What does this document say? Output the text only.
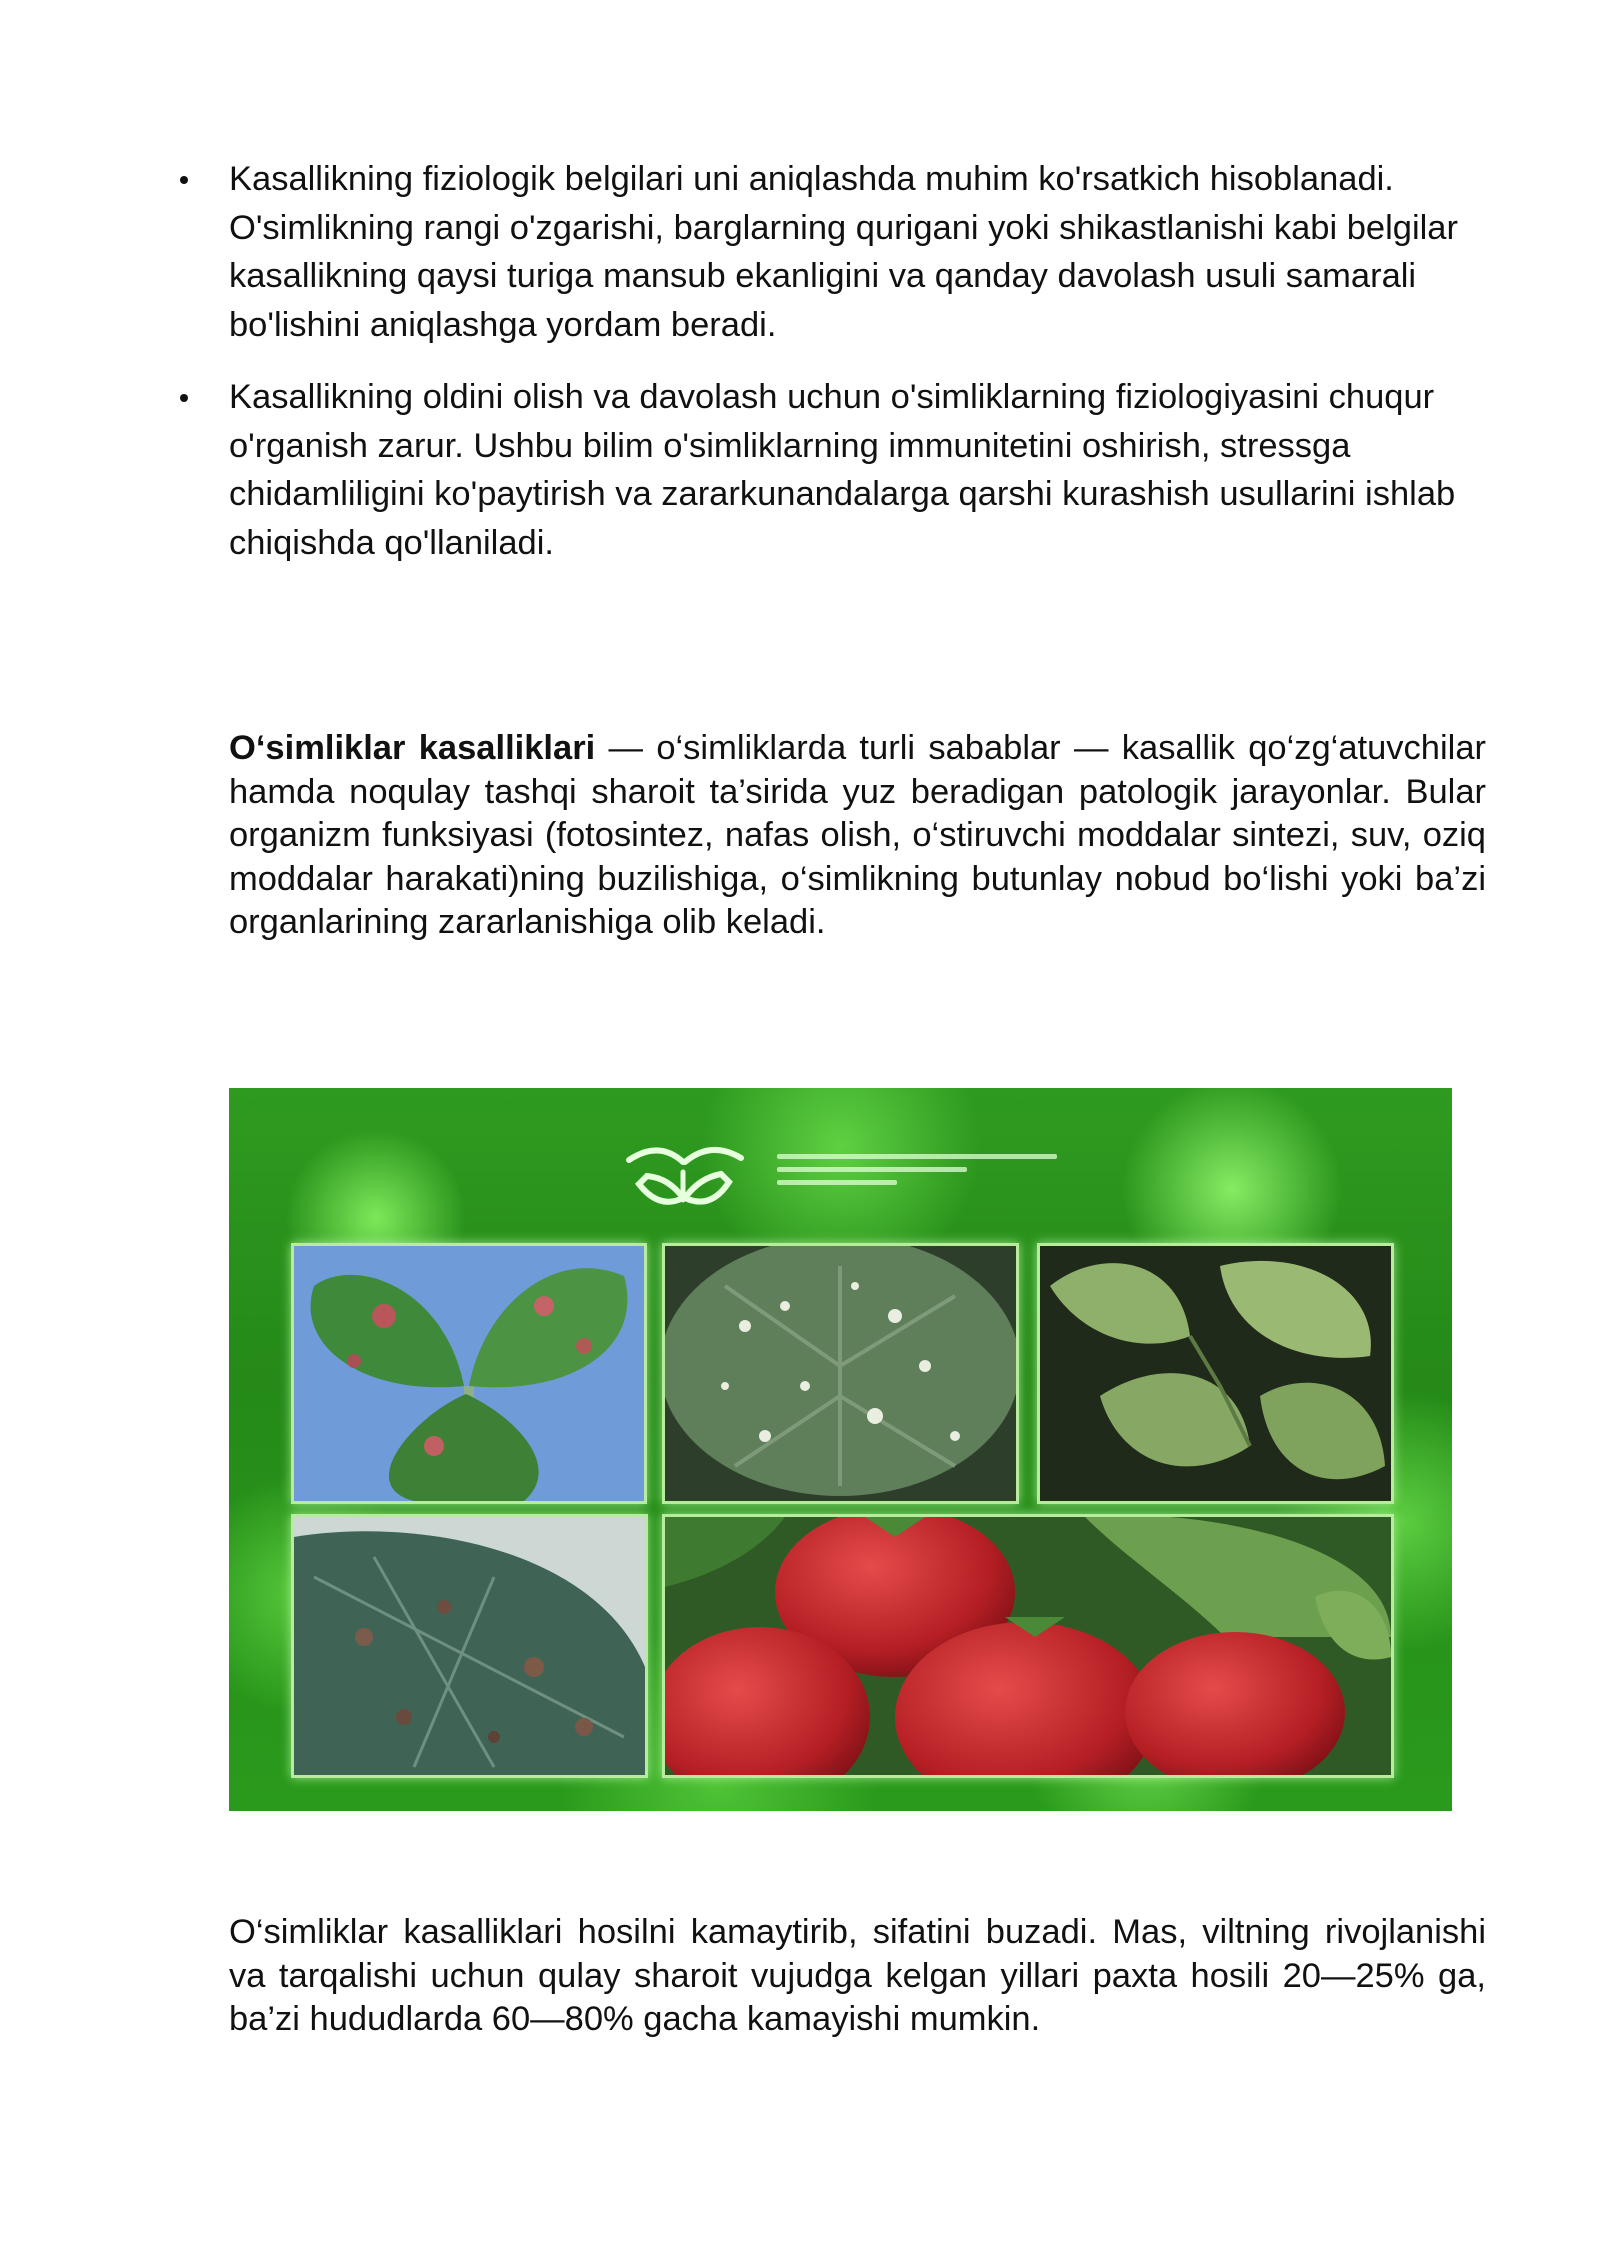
Kasallikning fiziologik belgilari uni aniqlashda muhim ko'rsatkich hisoblanadi. O'simlikning rangi o'zgarishi, barglarning qurigani yoki shikastlanishi kabi belgilar kasallikning qaysi turiga mansub ekanligini va qanday davolash usuli samarali bo'lishini aniqlashga yordam beradi.
Kasallikning oldini olish va davolash uchun o'simliklarning fiziologiyasini chuqur o'rganish zarur. Ushbu bilim o'simliklarning immunitetini oshirish, stressga chidamliligini ko'paytirish va zararkunandalarga qarshi kurashish usullarini ishlab chiqishda qo'llaniladi.

O‘simliklar kasalliklari — o‘simliklarda turli sabablar — kasallik qo‘zg‘atuvchilar hamda noqulay tashqi sharoit ta’sirida yuz beradigan patologik jarayonlar. Bular organizm funksiyasi (fotosintez, nafas olish, o‘stiruvchi moddalar sintezi, suv, oziq moddalar harakati)ning buzilishiga, o‘simlikning butunlay nobud bo‘lishi yoki ba’zi organlarining zararlanishiga olib keladi.

O‘simliklar kasalliklari hosilni kamaytirib, sifatini buzadi. Mas, viltning rivojlanishi va tarqalishi uchun qulay sharoit vujudga kelgan yillari paxta hosili 20—25% ga, ba’zi hududlarda 60—80% gacha kamayishi mumkin.
